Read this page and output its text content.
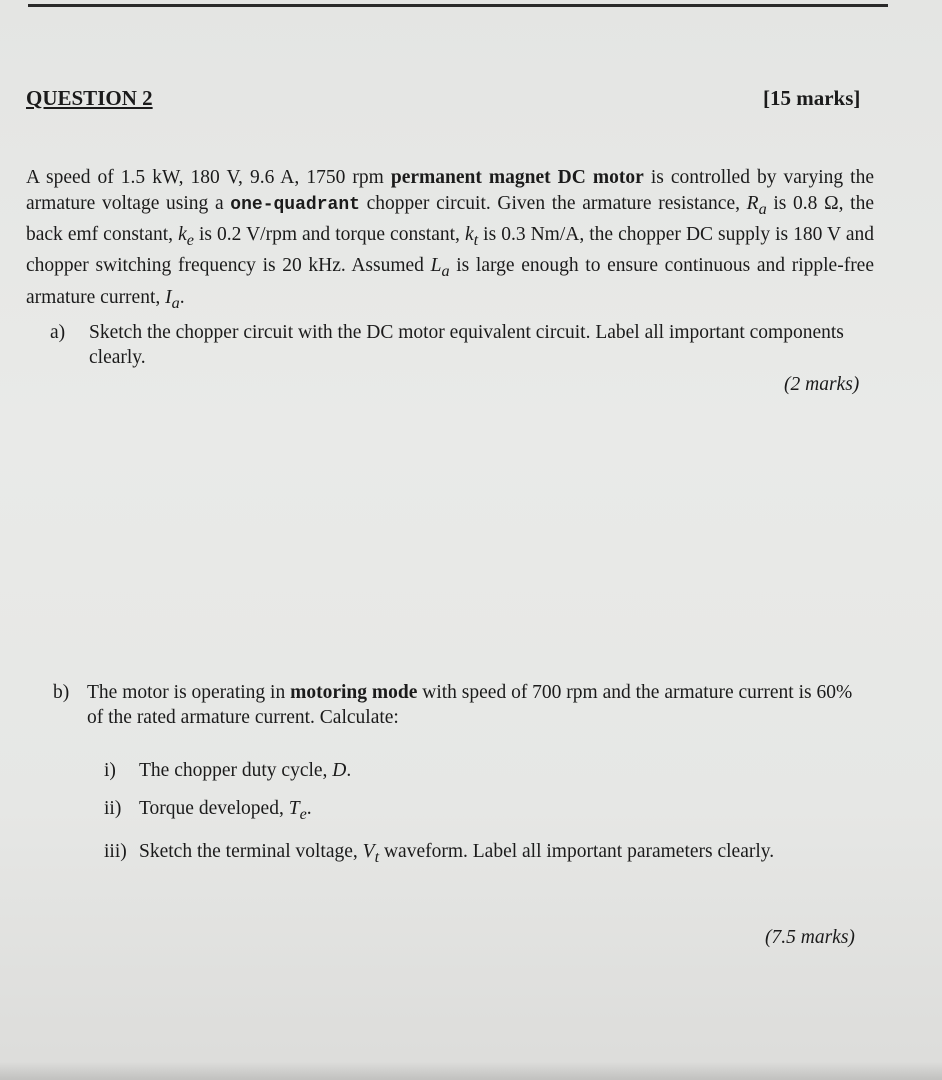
QUESTION 2	[15 marks]
A speed of 1.5 kW, 180 V, 9.6 A, 1750 rpm permanent magnet DC motor is controlled by varying the armature voltage using a one-quadrant chopper circuit. Given the armature resistance, $R_a$ is 0.8 Ω, the back emf constant, $k_e$ is 0.2 V/rpm and torque constant, $k_t$ is 0.3 Nm/A, the chopper DC supply is 180 V and chopper switching frequency is 20 kHz. Assumed $L_a$ is large enough to ensure continuous and ripple-free armature current, $I_a$.
a) Sketch the chopper circuit with the DC motor equivalent circuit. Label all important components clearly.
(2 marks)
b) The motor is operating in motoring mode with speed of 700 rpm and the armature current is 60% of the rated armature current. Calculate:
i) The chopper duty cycle, D.
ii) Torque developed, $T_e$.
iii) Sketch the terminal voltage, $V_t$ waveform. Label all important parameters clearly.
(7.5 marks)
